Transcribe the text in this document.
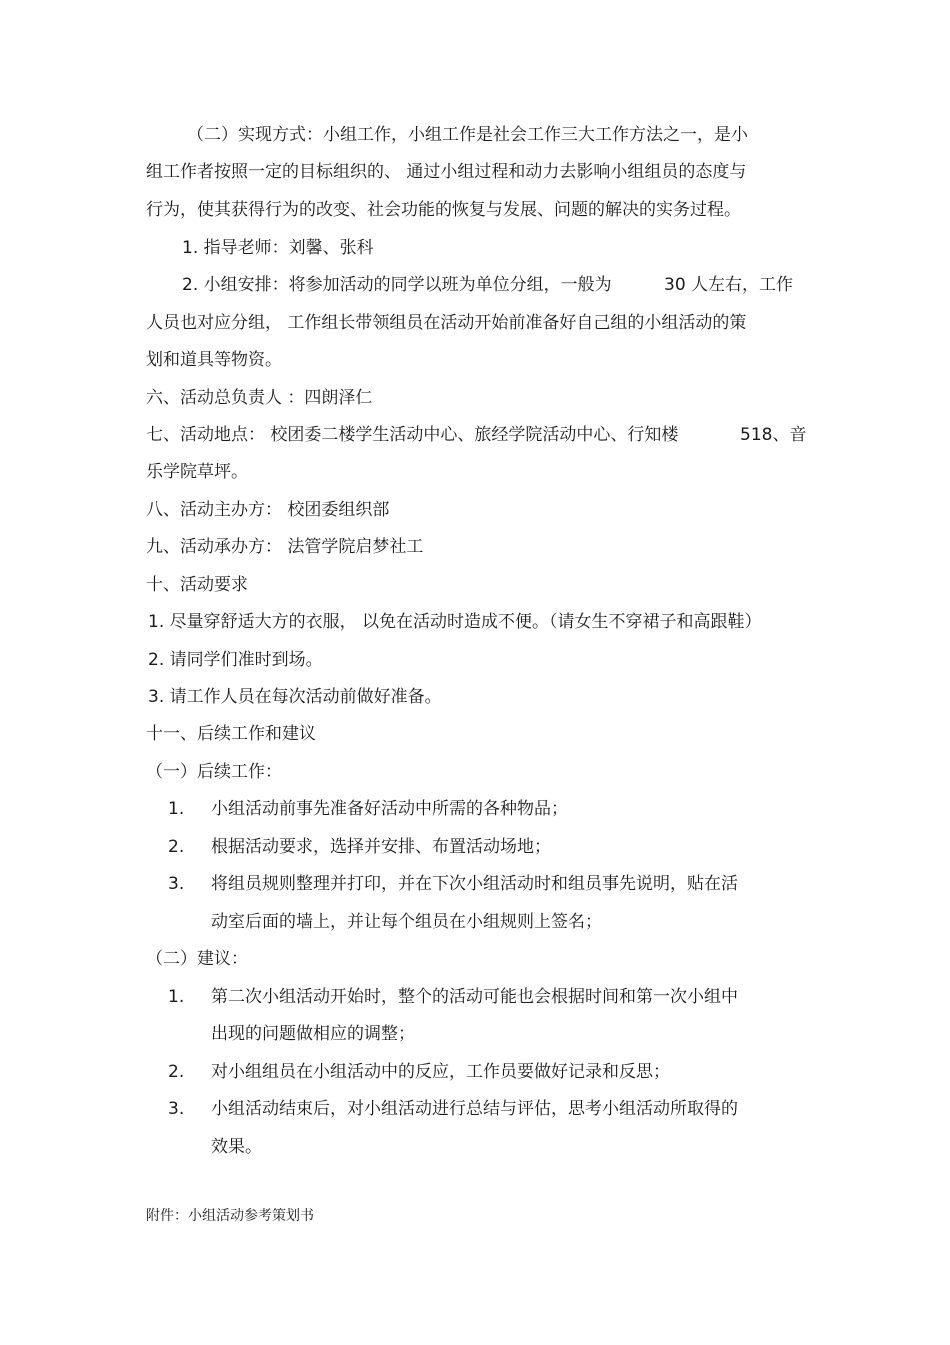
（二）实现方式：小组工作，小组工作是社会工作三大工作方法之一，是小
组工作者按照一定的目标组织的、 通过小组过程和动力去影响小组组员的态度与
行为，使其获得行为的改变、社会功能的恢复与发展、问题的解决的实务过程。
1. 指导老师：刘馨、张科
2. 小组安排：将参加活动的同学以班为单位分组，一般为	30 人左右，工作
人员也对应分组， 工作组长带领组员在活动开始前准备好自己组的小组活动的策
划和道具等物资。
六、活动总负责人 ：四朗泽仁
七、活动地点： 校团委二楼学生活动中心、旅经学院活动中心、行知楼	518、音
乐学院草坪。
八、活动主办方： 校团委组织部
九、活动承办方： 法管学院启梦社工
十、活动要求
1. 尽量穿舒适大方的衣服， 以免在活动时造成不便。（请女生不穿裙子和高跟鞋）
2. 请同学们准时到场。
3. 请工作人员在每次活动前做好准备。
十一、后续工作和建议
（一）后续工作：
1. 小组活动前事先准备好活动中所需的各种物品；
2. 根据活动要求，选择并安排、布置活动场地；
3. 将组员规则整理并打印，并在下次小组活动时和组员事先说明，贴在活
动室后面的墙上，并让每个组员在小组规则上签名；
（二）建议：
1. 第二次小组活动开始时，整个的活动可能也会根据时间和第一次小组中
出现的问题做相应的调整；
2. 对小组组员在小组活动中的反应，工作员要做好记录和反思；
3. 小组活动结束后，对小组活动进行总结与评估，思考小组活动所取得的
效果。
附件：小组活动参考策划书
